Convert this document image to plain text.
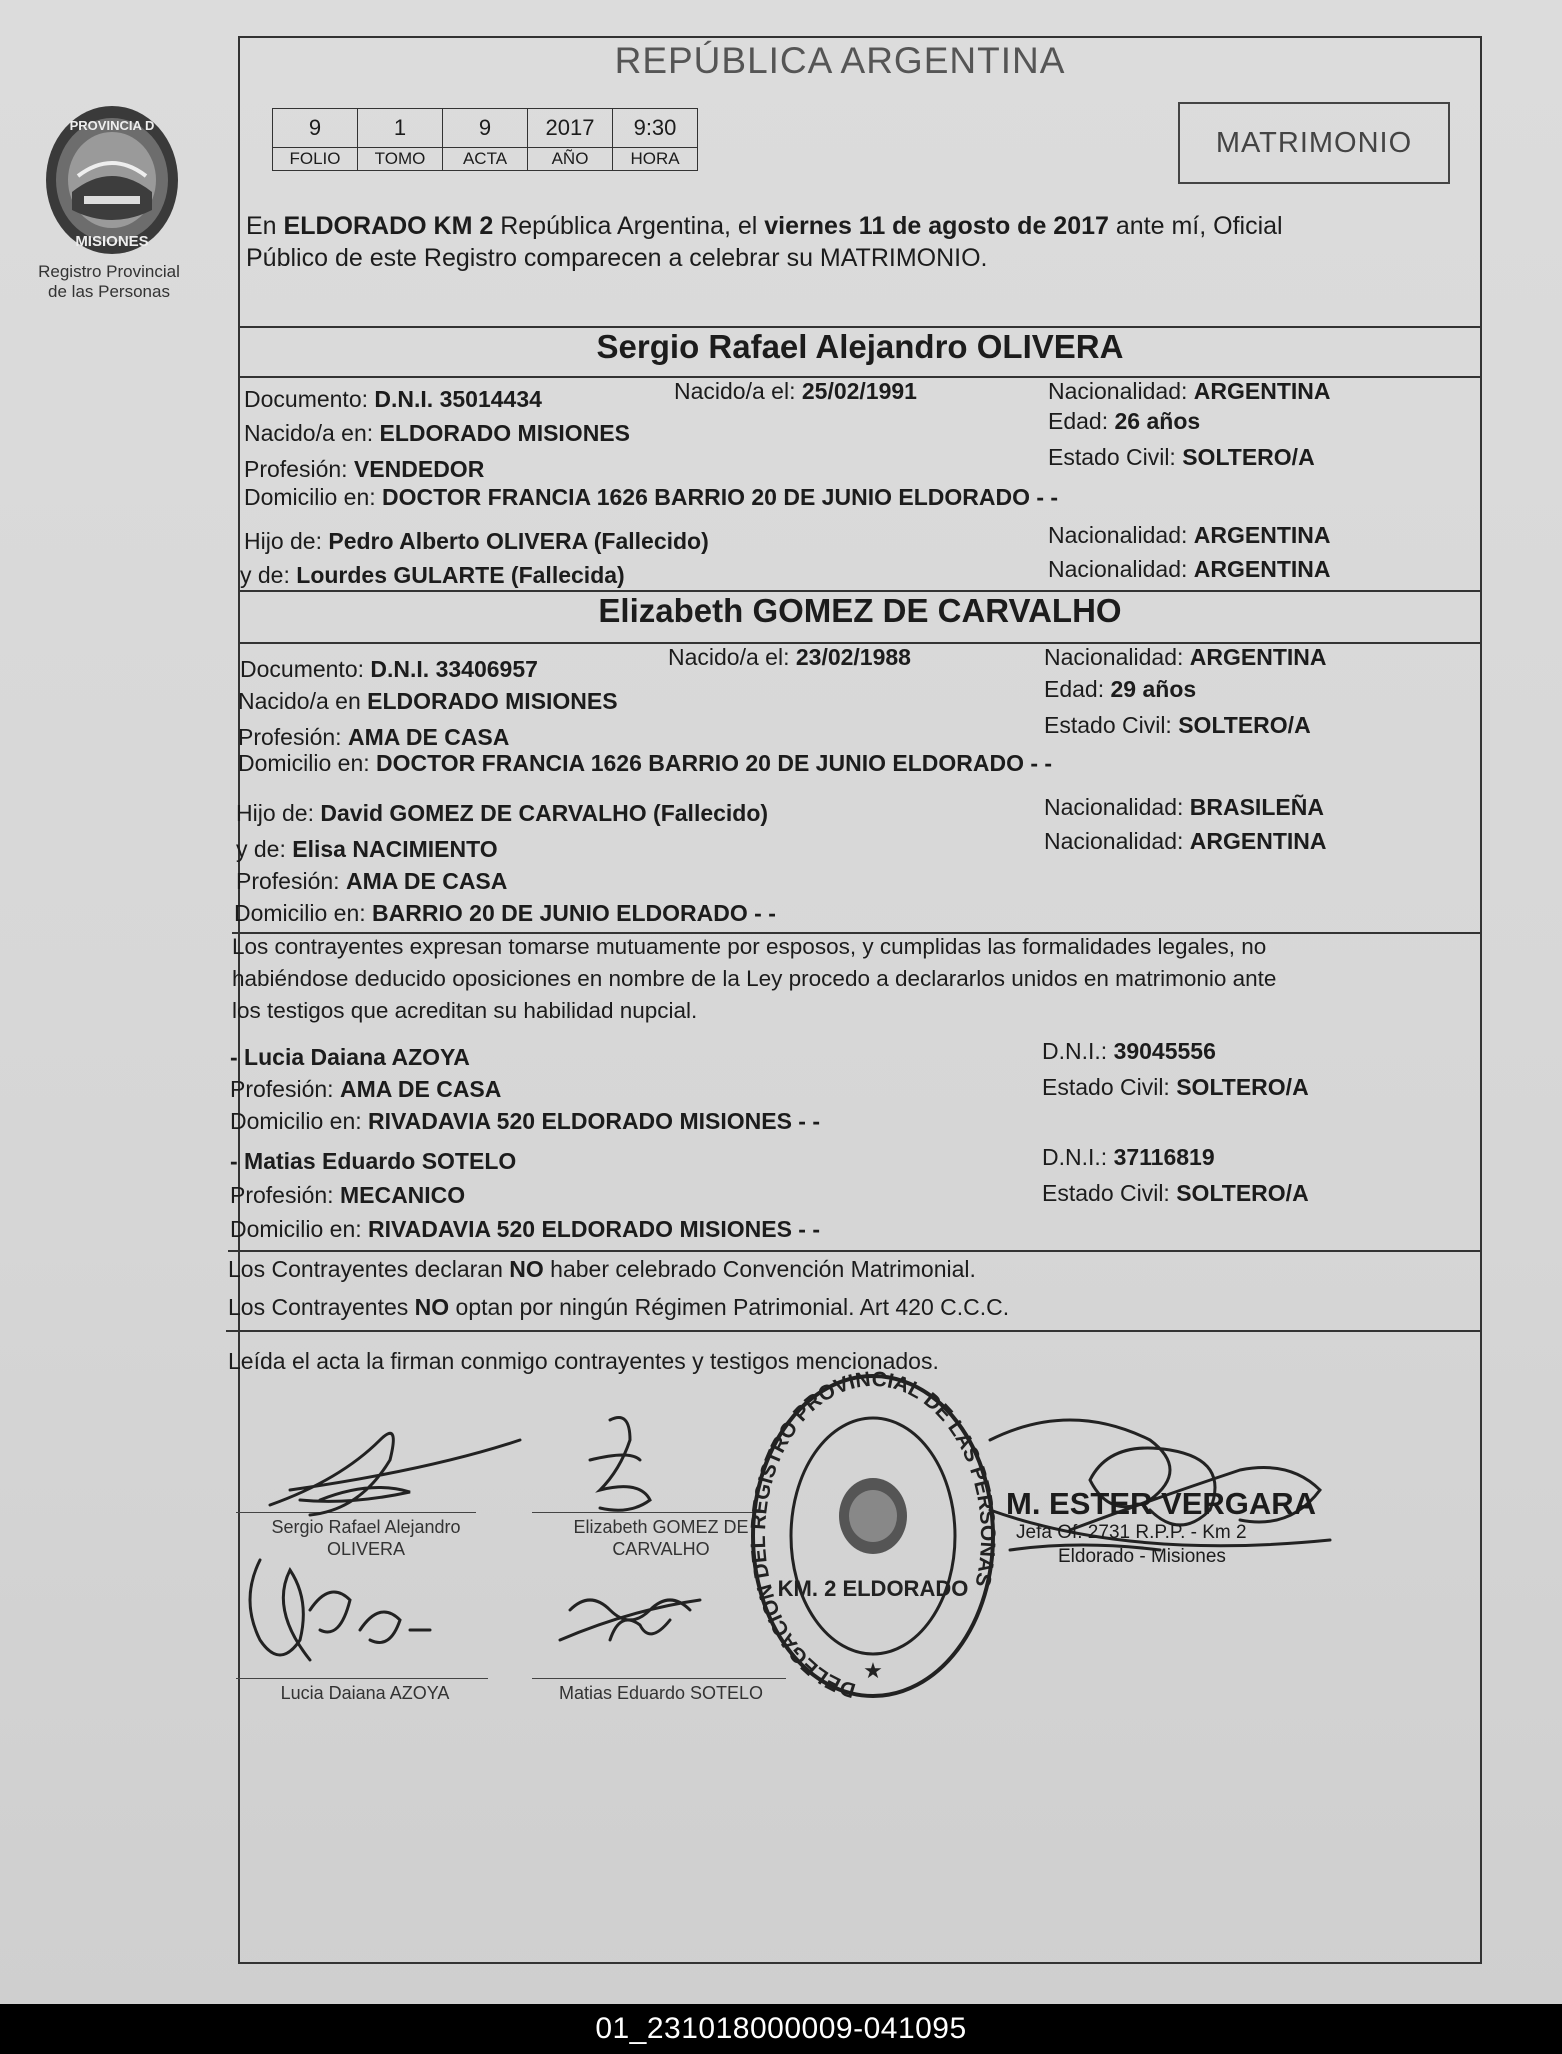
PROVINCIA D
MISIONES
Registro Provincial
de las Personas
REPÚBLICA ARGENTINA
9	1	9	2017	9:30
FOLIO	TOMO	ACTA	AÑO	HORA	MATRIMONIO
En ELDORADO KM 2 República Argentina, el viernes 11 de agosto de 2017 ante mí, Oficial
Público de este Registro comparecen a celebrar su MATRIMONIO.
Sergio Rafael Alejandro OLIVERA
Documento: D.N.I. 35014434	Nacido/a el: 25/02/1991	Nacionalidad: ARGENTINA
Nacido/a en: ELDORADO MISIONES	Edad: 26 años
Profesión: VENDEDOR	Estado Civil: SOLTERO/A
Domicilio en: DOCTOR FRANCIA 1626 BARRIO 20 DE JUNIO ELDORADO - -
Hijo de: Pedro Alberto OLIVERA (Fallecido)	Nacionalidad: ARGENTINA
y de: Lourdes GULARTE (Fallecida)	Nacionalidad: ARGENTINA
Elizabeth GOMEZ DE CARVALHO
Documento: D.N.I. 33406957	Nacido/a el: 23/02/1988	Nacionalidad: ARGENTINA
Nacido/a en ELDORADO MISIONES	Edad: 29 años
Profesión: AMA DE CASA	Estado Civil: SOLTERO/A
Domicilio en: DOCTOR FRANCIA 1626 BARRIO 20 DE JUNIO ELDORADO - -
Hijo de: David GOMEZ DE CARVALHO (Fallecido)	Nacionalidad: BRASILEÑA
y de: Elisa NACIMIENTO	Nacionalidad: ARGENTINA
Profesión: AMA DE CASA
Domicilio en: BARRIO 20 DE JUNIO ELDORADO - -
Los contrayentes expresan tomarse mutuamente por esposos, y cumplidas las formalidades legales, no
habiéndose deducido oposiciones en nombre de la Ley procedo a declararlos unidos en matrimonio ante
los testigos que acreditan su habilidad nupcial.
- Lucia Daiana AZOYA	D.N.I.: 39045556
Profesión: AMA DE CASA	Estado Civil: SOLTERO/A
Domicilio en: RIVADAVIA 520 ELDORADO MISIONES - -
- Matias Eduardo SOTELO	D.N.I.: 37116819
Profesión: MECANICO	Estado Civil: SOLTERO/A
Domicilio en: RIVADAVIA 520 ELDORADO MISIONES - -
Los Contrayentes declaran NO haber celebrado Convención Matrimonial.
Los Contrayentes NO optan por ningún Régimen Patrimonial. Art 420 C.C.C.
Leída el acta la firman conmigo contrayentes y testigos mencionados.
Sergio Rafael Alejandro
OLIVERA
Elizabeth GOMEZ DE
CARVALHO
Lucia Daiana AZOYA	Matias Eduardo SOTELO	DELEGACION DEL REGISTRO PROVINCIAL DE LAS PERSONAS
KM. 2 ELDORADO
★
M. ESTER VERGARA
Jefa Of. 2731 R.P.P. - Km 2
Eldorado - Misiones
01_231018000009-041095
